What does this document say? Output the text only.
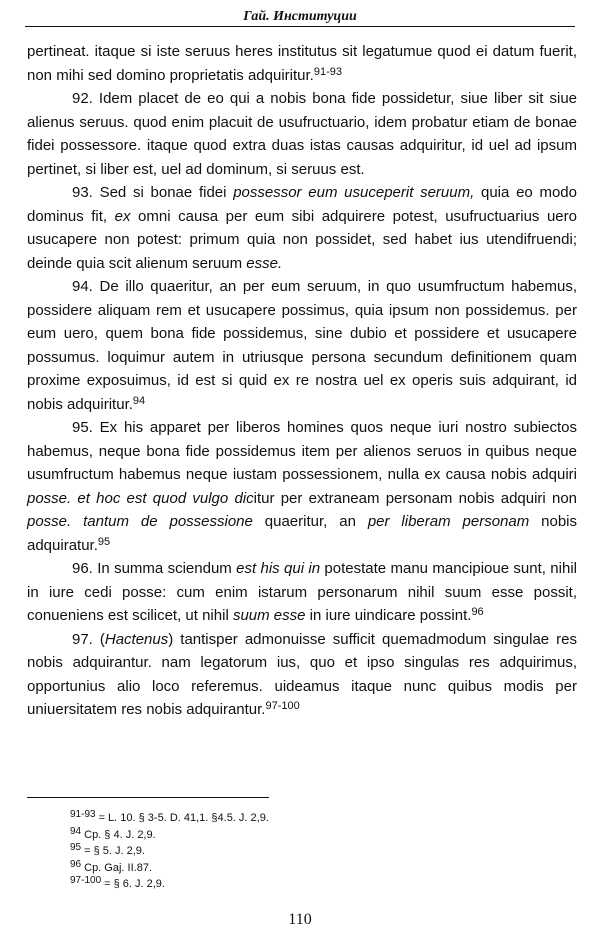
Гай. Институции

pertineat. itaque si iste seruus heres institutus sit legatumue quod ei datum fuerit, non mihi sed domino proprietatis adquiritur.$^{91-93}$

92. Idem placet de eo qui a nobis bona fide possidetur, siue liber sit siue alienus seruus. quod enim placuit de usufructuario, idem probatur etiam de bonae fidei possessore. itaque quod extra duas istas causas adquiritur, id uel ad ipsum pertinet, si liber est, uel ad dominum, si seruus est.

93. Sed si bonae fidei possessor eum usuceperit seruum, quia eo modo dominus fit, ex omni causa per eum sibi adquirere potest, usufructuarius uero usucapere non potest: primum quia non possidet, sed habet ius utendifruendi; deinde quia scit alienum seruum esse.

94. De illo quaeritur, an per eum seruum, in quo usumfructum habemus, possidere aliquam rem et usucapere possimus, quia ipsum non possidemus. per eum uero, quem bona fide possidemus, sine dubio et possidere et usucapere possumus. loquimur autem in utriusque persona secundum definitionem quam proxime exposuimus, id est si quid ex re nostra uel ex operis suis adquirant, id nobis adquiritur.$^{94}$

95. Ex his apparet per liberos homines quos neque iuri nostro subiectos habemus, neque bona fide possidemus item per alienos seruos in quibus neque usumfructum habemus neque iustam possessionem, nulla ex causa nobis adquiri posse. et hoc est quod vulgo dicitur per extraneam personam nobis adquiri non posse. tantum de possessione quaeritur, an per liberam personam nobis adquiratur.$^{95}$

96. In summa sciendum est his qui in potestate manu mancipioue sunt, nihil in iure cedi posse: cum enim istarum personarum nihil suum esse possit, conueniens est scilicet, ut nihil suum esse in iure uindicare possint.$^{96}$

97. (Hactenus) tantisper admonuisse sufficit quemadmodum singulae res nobis adquirantur. nam legatorum ius, quo et ipso singulas res adquirimus, opportunius alio loco referemus. uideamus itaque nunc quibus modis per uniuersitatem res nobis adquirantur.$^{97-100}$

$^{91-93}$ = L. 10. § 3-5. D. 41,1. §4.5. J. 2,9.
$^{94}$ Cp. § 4. J. 2,9.
$^{95}$ = § 5. J. 2,9.
$^{96}$ Cp. Gaj. II.87.
$^{97-100}$ = § 6. J. 2,9.
110
